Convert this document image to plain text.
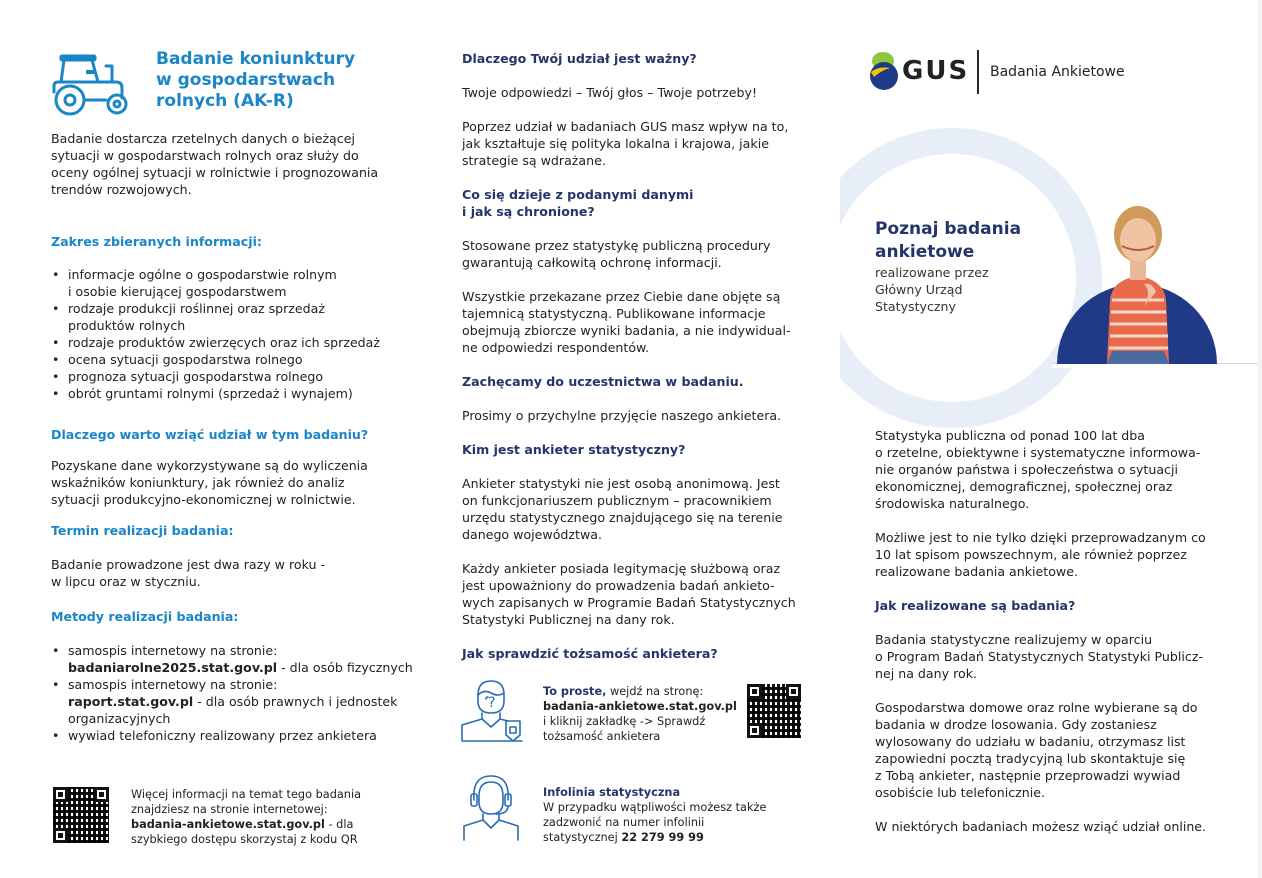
Badanie koniunktury
w gospodarstwach
rolnych (AK-R)
Badanie dostarcza rzetelnych danych o bieżącej
sytuacji w gospodarstwach rolnych oraz służy do
oceny ogólnej sytuacji w rolnictwie i prognozowania
trendów rozwojowych.
Zakres zbieranych informacji:
• informacje ogólne o gospodarstwie rolnym
i osobie kierującej gospodarstwem
• rodzaje produkcji roślinnej oraz sprzedaż
produktów rolnych
• rodzaje produktów zwierzęcych oraz ich sprzedaż
• ocena sytuacji gospodarstwa rolnego
• prognoza sytuacji gospodarstwa rolnego
• obrót gruntami rolnymi (sprzedaż i wynajem)
Dlaczego warto wziąć udział w tym badaniu?
Pozyskane dane wykorzystywane są do wyliczenia
wskaźników koniunktury, jak również do analiz
sytuacji produkcyjno-ekonomicznej w rolnictwie.
Termin realizacji badania:
Badanie prowadzone jest dwa razy w roku -
w lipcu oraz w styczniu.
Metody realizacji badania:
• samospis internetowy na stronie:
badaniarolne2025.stat.gov.pl - dla osób fizycznych
• samospis internetowy na stronie:
raport.stat.gov.pl - dla osób prawnych i jednostek
organizacyjnych
• wywiad telefoniczny realizowany przez ankietera
Więcej informacji na temat tego badania
znajdziesz na stronie internetowej:
badania-ankietowe.stat.gov.pl - dla
szybkiego dostępu skorzystaj z kodu QR
Dlaczego Twój udział jest ważny?
Twoje odpowiedzi – Twój głos – Twoje potrzeby!
Poprzez udział w badaniach GUS masz wpływ na to,
jak kształtuje się polityka lokalna i krajowa, jakie
strategie są wdrażane.
Co się dzieje z podanymi danymi
i jak są chronione?
Stosowane przez statystykę publiczną procedury
gwarantują całkowitą ochronę informacji.
Wszystkie przekazane przez Ciebie dane objęte są
tajemnicą statystyczną. Publikowane informacje
obejmują zbiorcze wyniki badania, a nie indywidual-
ne odpowiedzi respondentów.
Zachęcamy do uczestnictwa w badaniu.
Prosimy o przychylne przyjęcie naszego ankietera.
Kim jest ankieter statystyczny?
Ankieter statystyki nie jest osobą anonimową. Jest
on funkcjonariuszem publicznym – pracownikiem
urzędu statystycznego znajdującego się na terenie
danego województwa.
Każdy ankieter posiada legitymację służbową oraz
jest upoważniony do prowadzenia badań ankieto-
wych zapisanych w Programie Badań Statystycznych
Statystyki Publicznej na dany rok.
Jak sprawdzić tożsamość ankietera?
?
To proste, wejdź na stronę:
badania-ankietowe.stat.gov.pl
i kliknij zakładkę -> Sprawdź
tożsamość ankietera
Infolinia statystyczna
W przypadku wątpliwości możesz także
zadzwonić na numer infolinii
statystycznej 22 279 99 99
GUS Badania Ankietowe
Poznaj badania
ankietowe
realizowane przez
Główny Urząd
Statystyczny
Statystyka publiczna od ponad 100 lat dba
o rzetelne, obiektywne i systematyczne informowa-
nie organów państwa i społeczeństwa o sytuacji
ekonomicznej, demograficznej, społecznej oraz
środowiska naturalnego.
Możliwe jest to nie tylko dzięki przeprowadzanym co
10 lat spisom powszechnym, ale również poprzez
realizowane badania ankietowe.
Jak realizowane są badania?
Badania statystyczne realizujemy w oparciu
o Program Badań Statystycznych Statystyki Publicz-
nej na dany rok.
Gospodarstwa domowe oraz rolne wybierane są do
badania w drodze losowania. Gdy zostaniesz
wylosowany do udziału w badaniu, otrzymasz list
zapowiedni pocztą tradycyjną lub skontaktuje się
z Tobą ankieter, następnie przeprowadzi wywiad
osobiście lub telefonicznie.
W niektórych badaniach możesz wziąć udział online.
